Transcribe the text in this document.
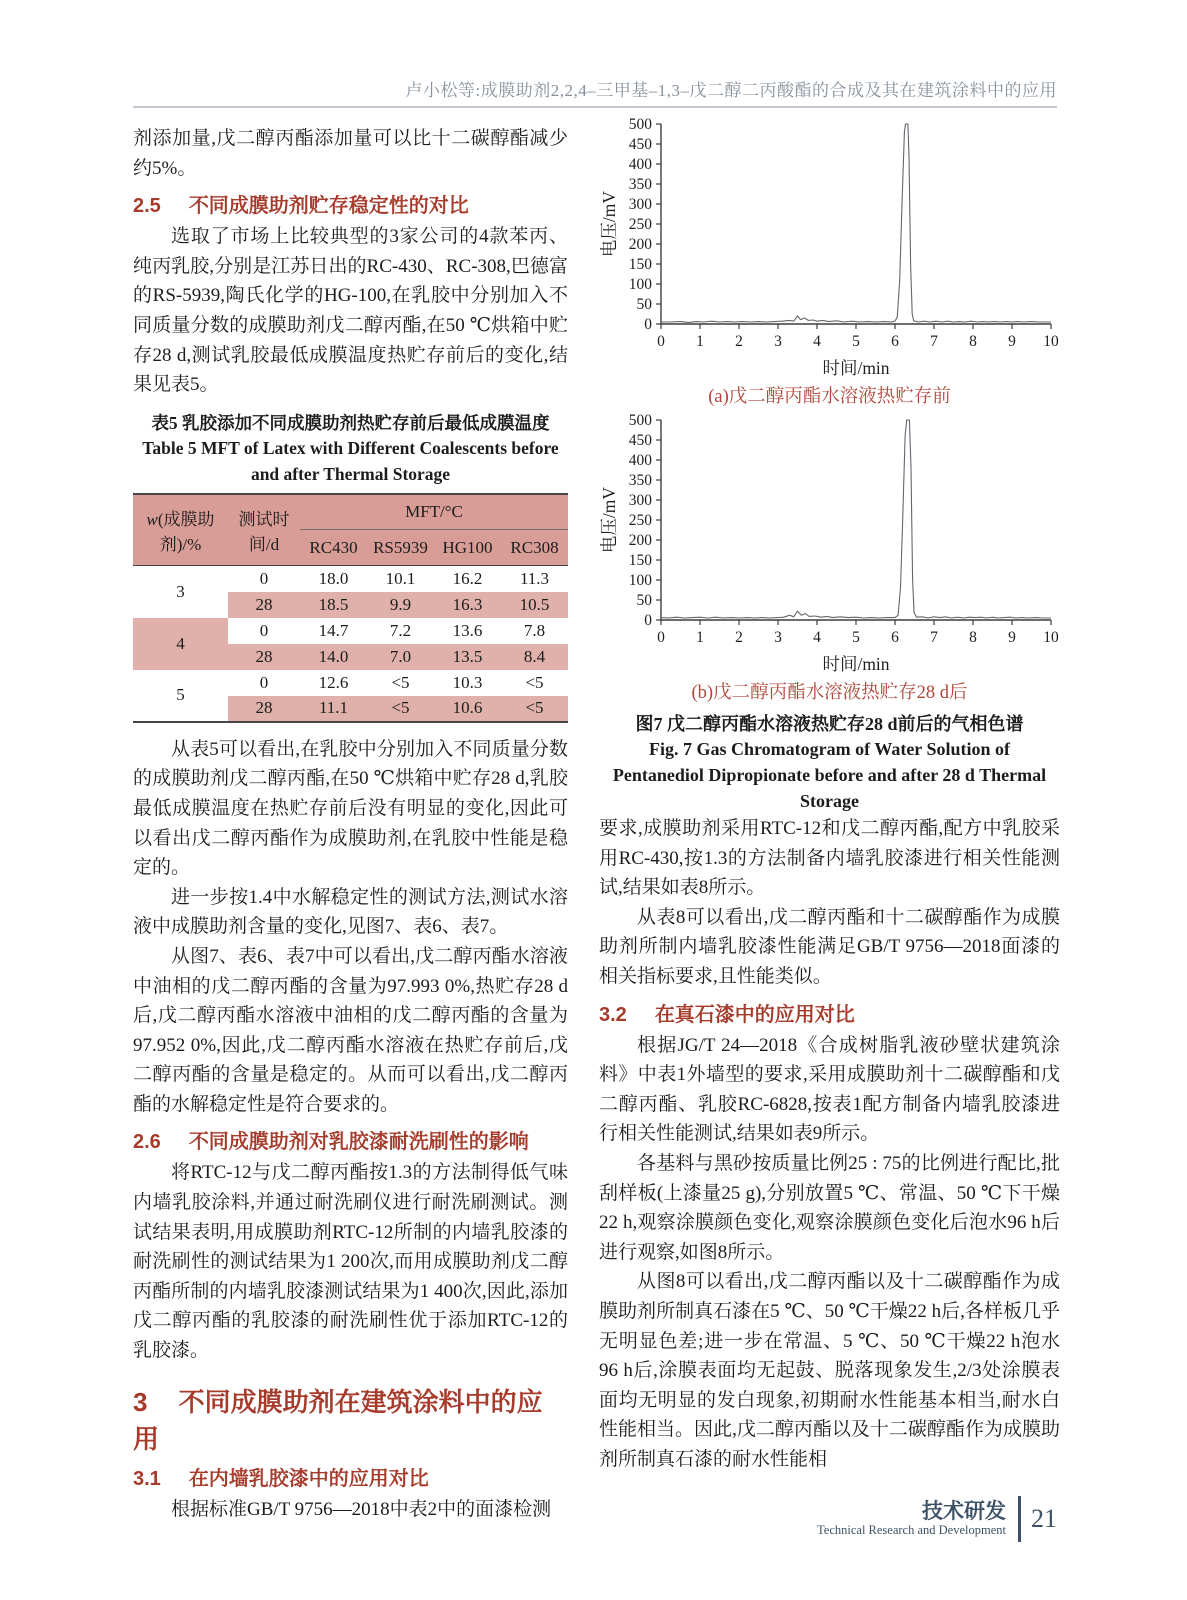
卢小松等:成膜助剂2,2,4–三甲基–1,3–戊二醇二丙酸酯的合成及其在建筑涂料中的应用

剂添加量,戊二醇丙酯添加量可以比十二碳醇酯减少约5%。

2.5 不同成膜助剂贮存稳定性的对比

选取了市场上比较典型的3家公司的4款苯丙、纯丙乳胶,分别是江苏日出的RC-430、RC-308,巴德富的RS-5939,陶氏化学的HG-100,在乳胶中分别加入不同质量分数的成膜助剂戊二醇丙酯,在50 ℃烘箱中贮存28 d,测试乳胶最低成膜温度热贮存前后的变化,结果见表5。

表5 乳胶添加不同成膜助剂热贮存前后最低成膜温度
Table 5 MFT of Latex with Different Coalescents before
and after Thermal Storage
w(成膜助剂)/%	测试时间/d	MFT/°C			
		RC430	RS5939	HG100	RC308
3	0	18.0	10.1	16.2	11.3
	28	18.5	9.9	16.3	10.5
4	0	14.7	7.2	13.6	7.8
	28	14.0	7.0	13.5	8.4
5	0	12.6	<5	10.3	<5
	28	11.1	<5	10.6	<5

从表5可以看出,在乳胶中分别加入不同质量分数的成膜助剂戊二醇丙酯,在50 ℃烘箱中贮存28 d,乳胶最低成膜温度在热贮存前后没有明显的变化,因此可以看出戊二醇丙酯作为成膜助剂,在乳胶中性能是稳定的。

进一步按1.4中水解稳定性的测试方法,测试水溶液中成膜助剂含量的变化,见图7、表6、表7。

从图7、表6、表7中可以看出,戊二醇丙酯水溶液中油相的戊二醇丙酯的含量为97.993 0%,热贮存28 d后,戊二醇丙酯水溶液中油相的戊二醇丙酯的含量为97.952 0%,因此,戊二醇丙酯水溶液在热贮存前后,戊二醇丙酯的含量是稳定的。从而可以看出,戊二醇丙酯的水解稳定性是符合要求的。

2.6 不同成膜助剂对乳胶漆耐洗刷性的影响

将RTC-12与戊二醇丙酯按1.3的方法制得低气味内墙乳胶涂料,并通过耐洗刷仪进行耐洗刷测试。测试结果表明,用成膜助剂RTC-12所制的内墙乳胶漆的耐洗刷性的测试结果为1 200次,而用成膜助剂戊二醇丙酯所制的内墙乳胶漆测试结果为1 400次,因此,添加戊二醇丙酯的乳胶漆的耐洗刷性优于添加RTC-12的乳胶漆。

3 不同成膜助剂在建筑涂料中的应用
3.1 在内墙乳胶漆中的应用对比

根据标准GB/T 9756—2018中表2中的面漆检测

0 1 2 3 4 5 6 7 8 9 10
0
50
100
150
200
250
300
350
400
450
500
时间/min
电压/mV
(a)戊二醇丙酯水溶液热贮存前
0 1 2 3 4 5 6 7 8 9 10
0
50
100
150
200
250
300
350
400
450
500
时间/min
电压/mV
(b)戊二醇丙酯水溶液热贮存28 d后
图7 戊二醇丙酯水溶液热贮存28 d前后的气相色谱
Fig. 7 Gas Chromatogram of Water Solution of
Pentanediol Dipropionate before and after 28 d Thermal
Storage

要求,成膜助剂采用RTC-12和戊二醇丙酯,配方中乳胶采用RC-430,按1.3的方法制备内墙乳胶漆进行相关性能测试,结果如表8所示。

从表8可以看出,戊二醇丙酯和十二碳醇酯作为成膜助剂所制内墙乳胶漆性能满足GB/T 9756—2018面漆的相关指标要求,且性能类似。

3.2 在真石漆中的应用对比

根据JG/T 24—2018《合成树脂乳液砂壁状建筑涂料》中表1外墙型的要求,采用成膜助剂十二碳醇酯和戊二醇丙酯、乳胶RC-6828,按表1配方制备内墙乳胶漆进行相关性能测试,结果如表9所示。

各基料与黑砂按质量比例25 : 75的比例进行配比,批刮样板(上漆量25 g),分别放置5 ℃、常温、50 ℃下干燥22 h,观察涂膜颜色变化,观察涂膜颜色变化后泡水96 h后进行观察,如图8所示。

从图8可以看出,戊二醇丙酯以及十二碳醇酯作为成膜助剂所制真石漆在5 ℃、50 ℃干燥22 h后,各样板几乎无明显色差;进一步在常温、5 ℃、50 ℃干燥22 h泡水96 h后,涂膜表面均无起鼓、脱落现象发生,2/3处涂膜表面均无明显的发白现象,初期耐水性能基本相当,耐水白性能相当。因此,戊二醇丙酯以及十二碳醇酯作为成膜助剂所制真石漆的耐水性能相

技术研发
Technical Research and Development 21
